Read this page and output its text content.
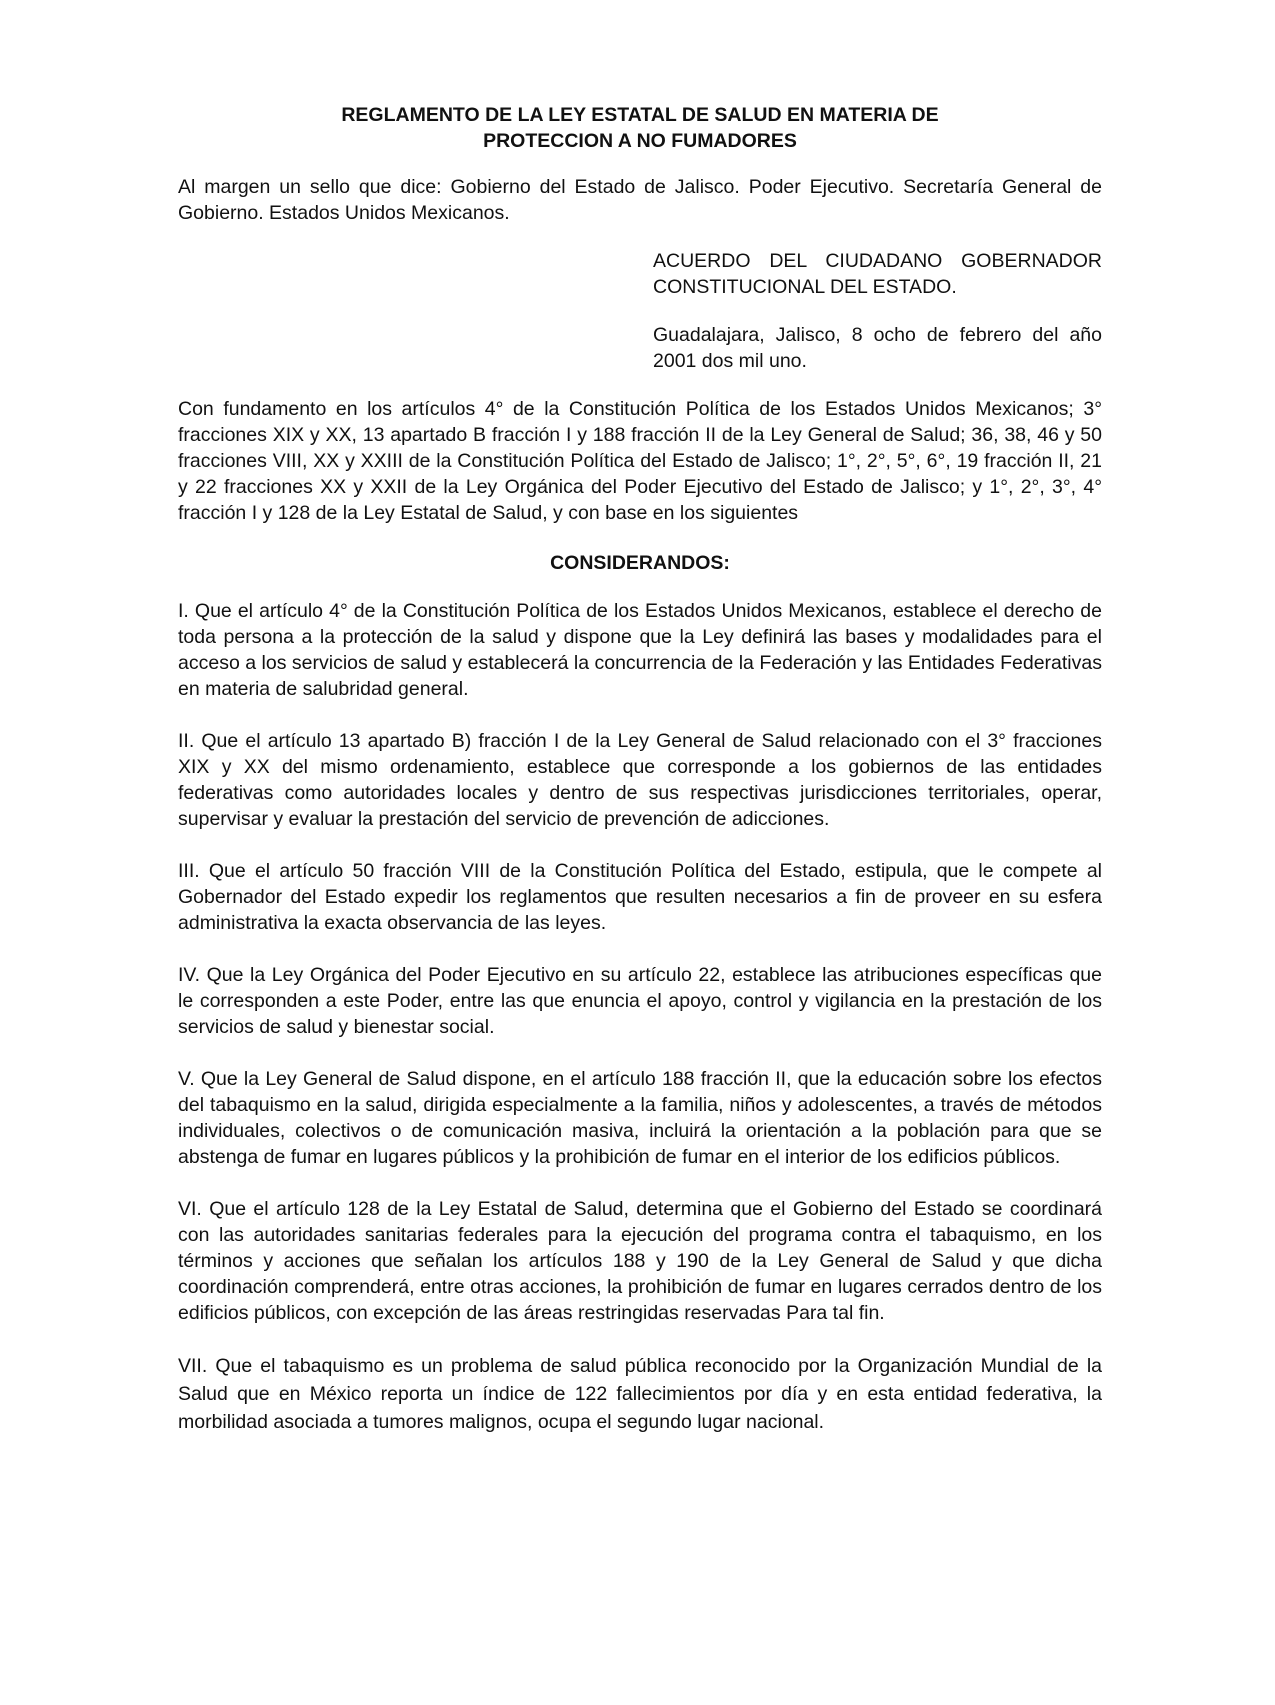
REGLAMENTO DE LA LEY ESTATAL DE SALUD EN MATERIA DE
PROTECCION A NO FUMADORES

Al margen un sello que dice: Gobierno del Estado de Jalisco. Poder Ejecutivo. Secretaría General de Gobierno. Estados Unidos Mexicanos.

ACUERDO DEL CIUDADANO GOBERNADOR CONSTITUCIONAL DEL ESTADO.

Guadalajara, Jalisco, 8 ocho de febrero del año 2001 dos mil uno.

Con fundamento en los artículos 4° de la Constitución Política de los Estados Unidos Mexicanos; 3° fracciones XIX y XX, 13 apartado B fracción I y 188 fracción II de la Ley General de Salud; 36, 38, 46 y 50 fracciones VIII, XX y XXIII de la Constitución Política del Estado de Jalisco; 1°, 2°, 5°, 6°, 19 fracción II, 21 y 22 fracciones XX y XXII de la Ley Orgánica del Poder Ejecutivo del Estado de Jalisco; y 1°, 2°, 3°, 4° fracción I y 128 de la Ley Estatal de Salud, y con base en los siguientes

CONSIDERANDOS:

I. Que el artículo 4° de la Constitución Política de los Estados Unidos Mexicanos, establece el derecho de toda persona a la protección de la salud y dispone que la Ley definirá las bases y modalidades para el acceso a los servicios de salud y establecerá la concurrencia de la Federación y las Entidades Federativas en materia de salubridad general.

II. Que el artículo 13 apartado B) fracción I de la Ley General de Salud relacionado con el 3° fracciones XIX y XX del mismo ordenamiento, establece que corresponde a los gobiernos de las entidades federativas como autoridades locales y dentro de sus respectivas jurisdicciones territoriales, operar, supervisar y evaluar la prestación del servicio de prevención de adicciones.

III. Que el artículo 50 fracción VIII de la Constitución Política del Estado, estipula, que le compete al Gobernador del Estado expedir los reglamentos que resulten necesarios a fin de proveer en su esfera administrativa la exacta observancia de las leyes.

IV. Que la Ley Orgánica del Poder Ejecutivo en su artículo 22, establece las atribuciones específicas que le corresponden a este Poder, entre las que enuncia el apoyo, control y vigilancia en la prestación de los servicios de salud y bienestar social.

V. Que la Ley General de Salud dispone, en el artículo 188 fracción II, que la educación sobre los efectos del tabaquismo en la salud, dirigida especialmente a la familia, niños y adolescentes, a través de métodos individuales, colectivos o de comunicación masiva, incluirá la orientación a la población para que se abstenga de fumar en lugares públicos y la prohibición de fumar en el interior de los edificios públicos.

VI. Que el artículo 128 de la Ley Estatal de Salud, determina que el Gobierno del Estado se coordinará con las autoridades sanitarias federales para la ejecución del programa contra el tabaquismo, en los términos y acciones que señalan los artículos 188 y 190 de la Ley General de Salud y que dicha coordinación comprenderá, entre otras acciones, la prohibición de fumar en lugares cerrados dentro de los edificios públicos, con excepción de las áreas restringidas reservadas Para tal fin.

VII. Que el tabaquismo es un problema de salud pública reconocido por la Organización Mundial de la Salud que en México reporta un índice de 122 fallecimientos por día y en esta entidad federativa, la morbilidad asociada a tumores malignos, ocupa el segundo lugar nacional.
